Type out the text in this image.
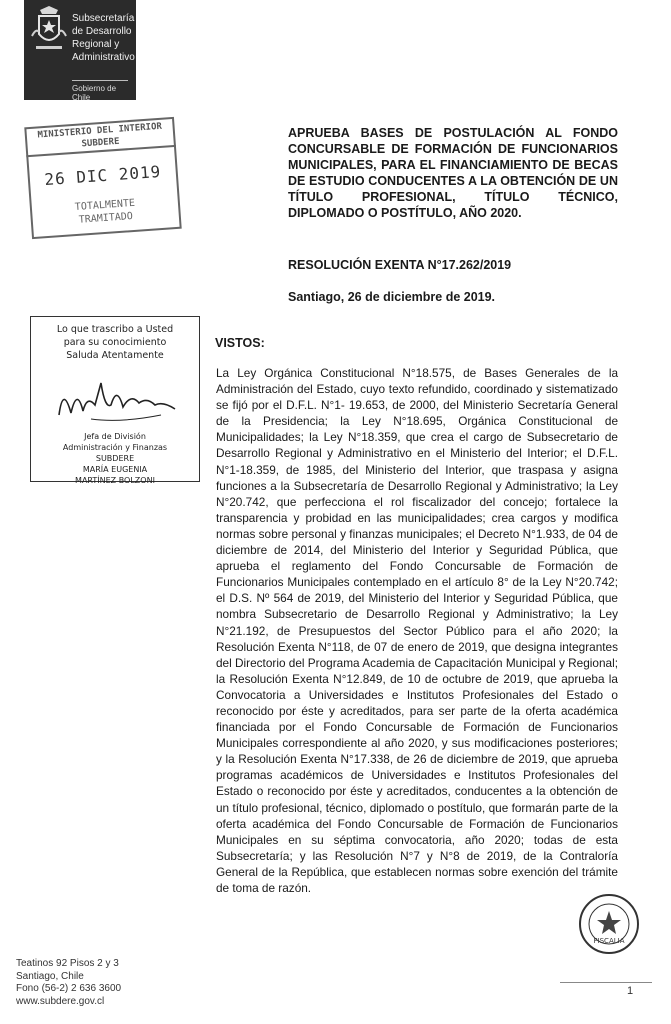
Subsecretaría
de Desarrollo
Regional y
Administrativo
Gobierno de Chile
MINISTERIO DEL INTERIOR
SUBDERE
26 DIC 2019
TOTALMENTE
TRAMITADO
APRUEBA BASES DE POSTULACIÓN AL FONDO CONCURSABLE DE FORMACIÓN DE FUNCIONARIOS MUNICIPALES, PARA EL FINANCIAMIENTO DE BECAS DE ESTUDIO CONDUCENTES A LA OBTENCIÓN DE UN TÍTULO PROFESIONAL, TÍTULO TÉCNICO, DIPLOMADO O POSTÍTULO, AÑO 2020.
RESOLUCIÓN EXENTA N°17.262/2019
Santiago, 26 de diciembre de 2019.
Lo que trascribo a Usted
para su conocimiento
Saluda Atentamente
Jefa de División
Administración y Finanzas
SUBDERE
MARÍA EUGENIA
MARTÍNEZ BOLZONI
VISTOS:
La Ley Orgánica Constitucional N°18.575, de Bases Generales de la Administración del Estado, cuyo texto refundido, coordinado y sistematizado se fijó por el D.F.L. N°1- 19.653, de 2000, del Ministerio Secretaría General de la Presidencia; la Ley N°18.695, Orgánica Constitucional de Municipalidades; la Ley N°18.359, que crea el cargo de Subsecretario de Desarrollo Regional y Administrativo en el Ministerio del Interior; el D.F.L. N°1-18.359, de 1985, del Ministerio del Interior, que traspasa y asigna funciones a la Subsecretaría de Desarrollo Regional y Administrativo; la Ley N°20.742, que perfecciona el rol fiscalizador del concejo; fortalece la transparencia y probidad en las municipalidades; crea cargos y modifica normas sobre personal y finanzas municipales; el Decreto N°1.933, de 04 de diciembre de 2014, del Ministerio del Interior y Seguridad Pública, que aprueba el reglamento del Fondo Concursable de Formación de Funcionarios Municipales contemplado en el artículo 8° de la Ley N°20.742; el D.S. Nº 564 de 2019, del Ministerio del Interior y Seguridad Pública, que nombra Subsecretario de Desarrollo Regional y Administrativo; la Ley N°21.192, de Presupuestos del Sector Público para el año 2020; la Resolución Exenta N°118, de 07 de enero de 2019, que designa integrantes del Directorio del Programa Academia de Capacitación Municipal y Regional; la Resolución Exenta N°12.849, de 10 de octubre de 2019, que aprueba la Convocatoria a Universidades e Institutos Profesionales del Estado o reconocido por éste y acreditados, para ser parte de la oferta académica financiada por el Fondo Concursable de Formación de Funcionarios Municipales correspondiente al año 2020, y sus modificaciones posteriores; y la Resolución Exenta N°17.338, de 26 de diciembre de 2019, que aprueba programas académicos de Universidades e Institutos Profesionales del Estado o reconocido por éste y acreditados, conducentes a la obtención de un título profesional, técnico, diplomado o postítulo, que formarán parte de la oferta académica del Fondo Concursable de Formación de Funcionarios Municipales en su séptima convocatoria, año 2020; todas de esta Subsecretaría; y las Resolución N°7 y N°8 de 2019, de la Contraloría General de la República, que establecen normas sobre exención del trámite de toma de razón.
FISCALIA
Teatinos 92 Pisos 2 y 3
Santiago, Chile
Fono (56-2) 2 636 3600
www.subdere.gov.cl
1
